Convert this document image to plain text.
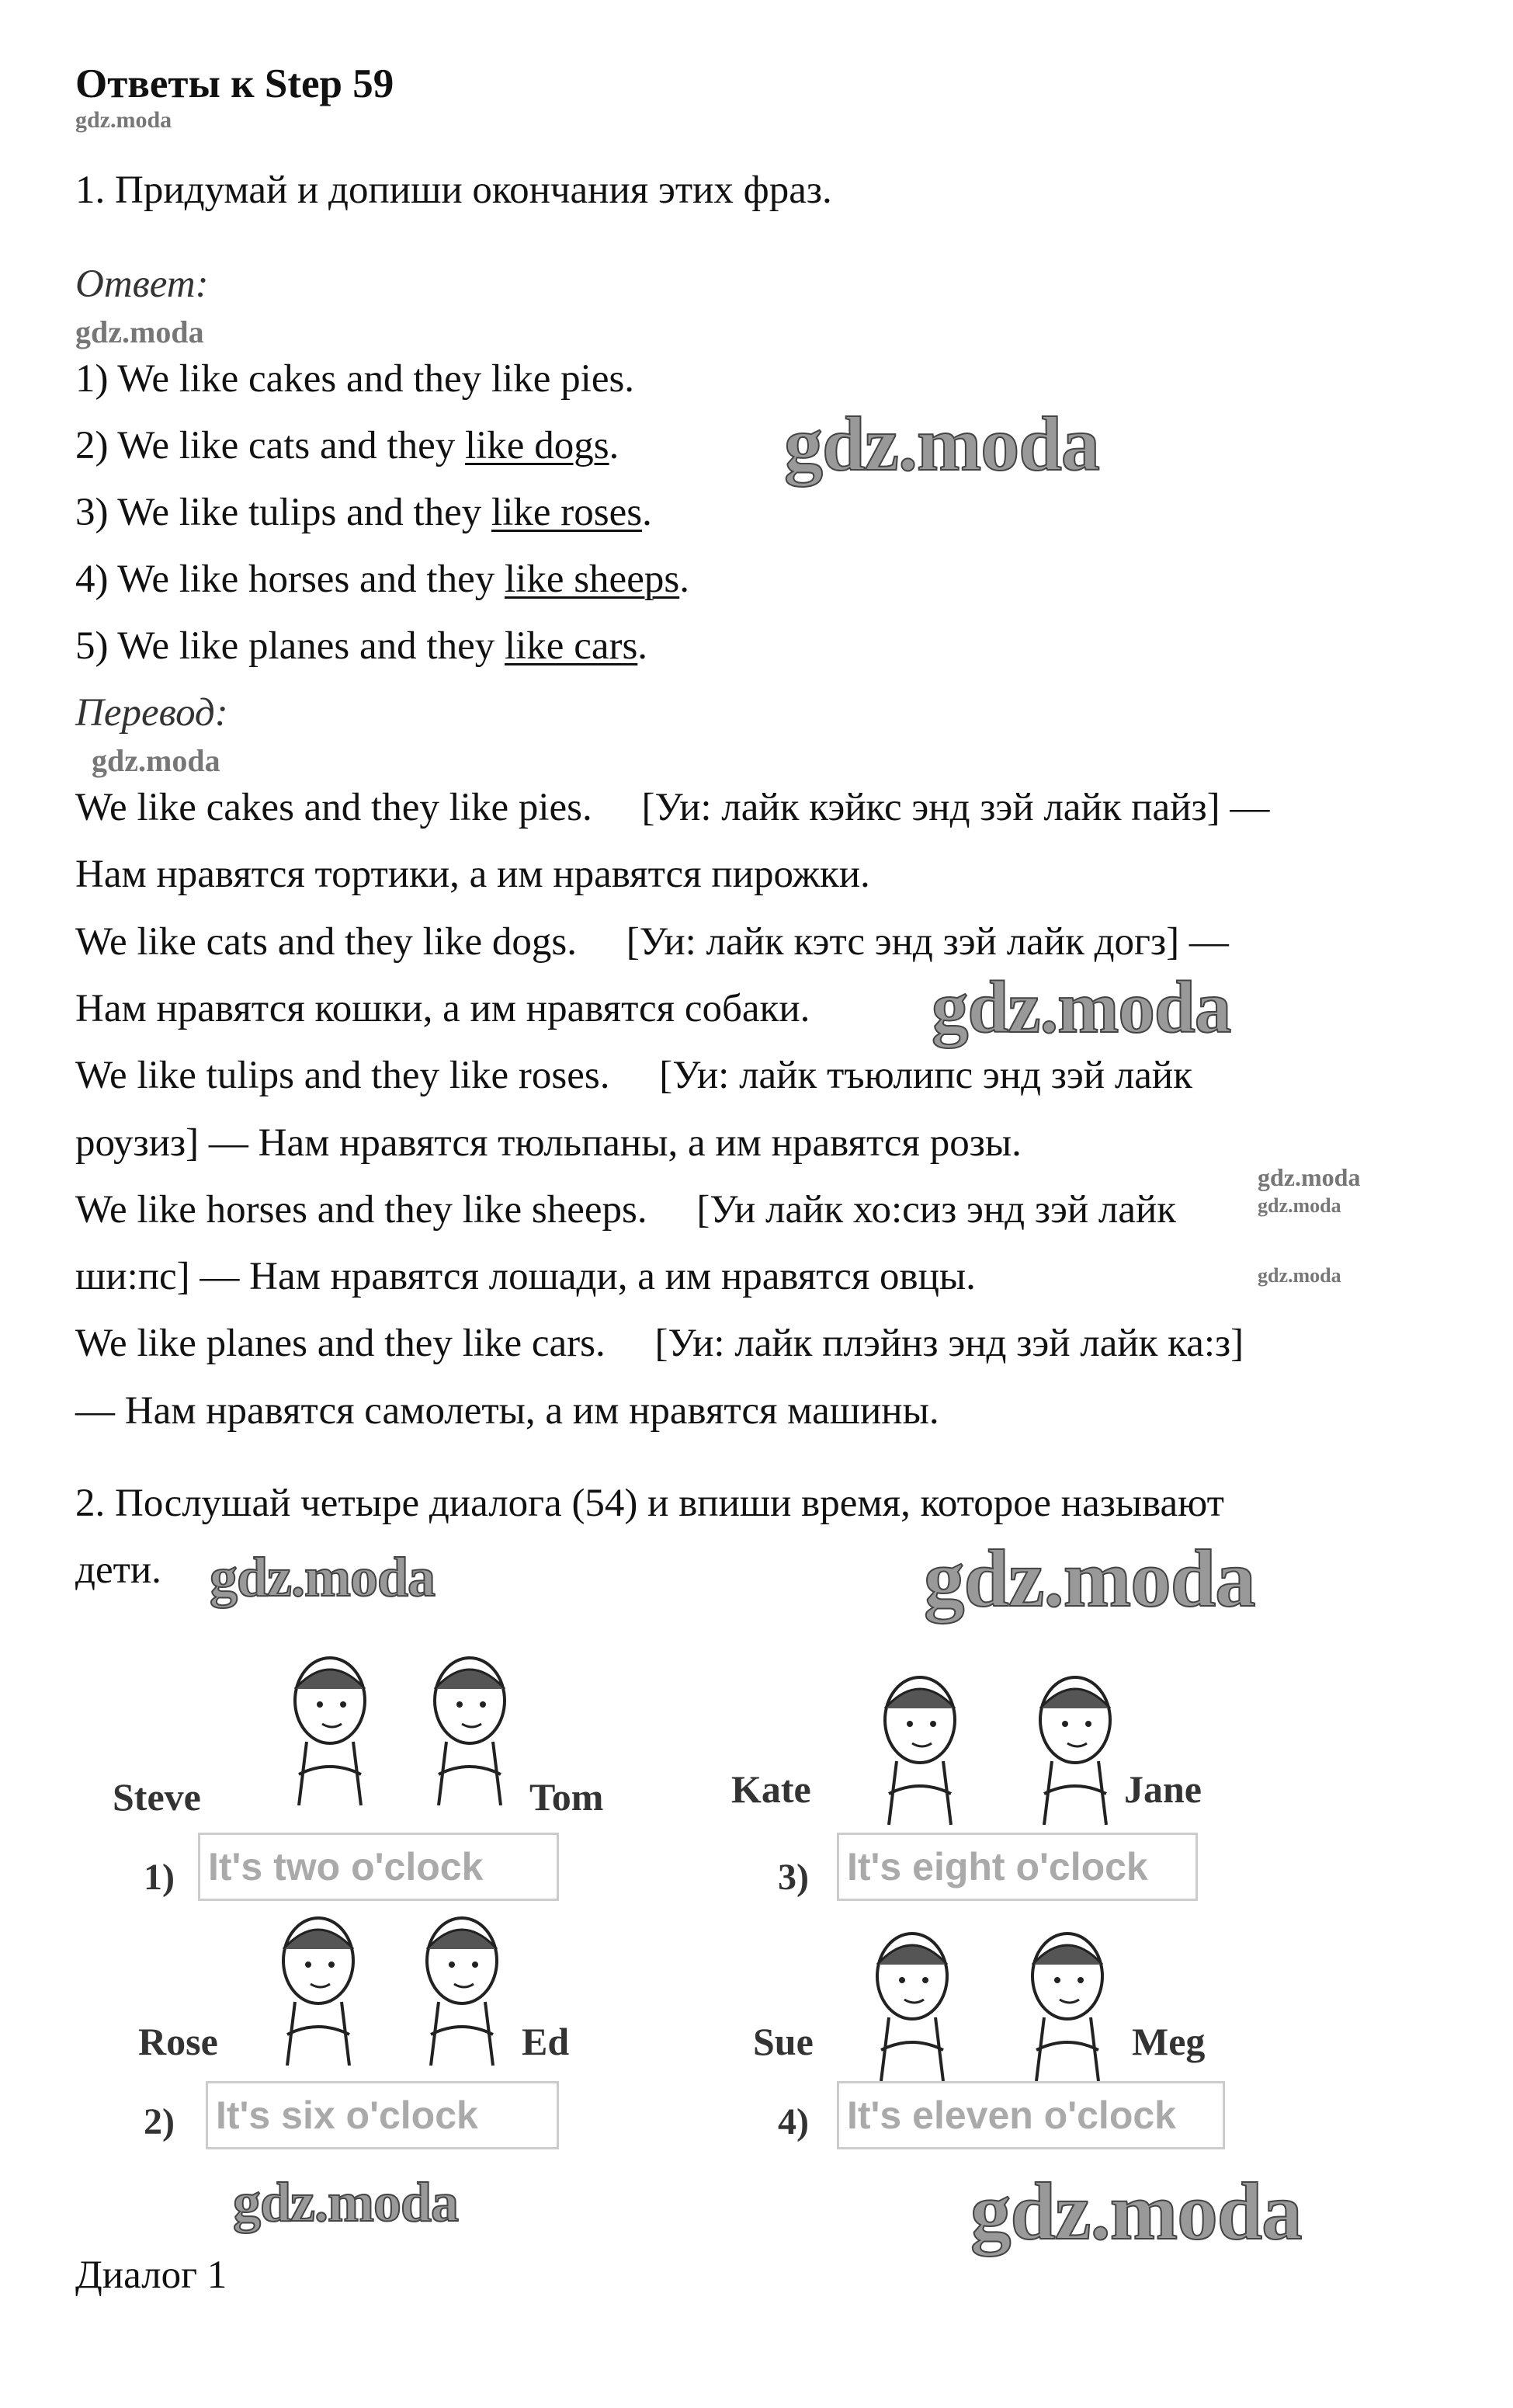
Ответы к Step 59
gdz.moda
1. Придумай и допиши окончания этих фраз.
Ответ:
gdz.moda
1) We like cakes and they like pies.
2) We like cats and they like dogs.
3) We like tulips and they like roses.
4) We like horses and they like sheeps.
5) We like planes and they like cars.
gdz.moda
Перевод:
gdz.moda
We like cakes and they like pies.     [Уи: лайк кэйкс энд зэй лайк пайз] —
Нам нравятся тортики, а им нравятся пирожки.
We like cats and they like dogs.     [Уи: лайк кэтс энд зэй лайк догз] —
Нам нравятся кошки, а им нравятся собаки.
We like tulips and they like roses.     [Уи: лайк тъюлипс энд зэй лайк
роузиз] — Нам нравятся тюльпаны, а им нравятся розы.
We like horses and they like sheeps.     [Уи лайк хо:сиз энд зэй лайк
ши:пс] — Нам нравятся лошади, а им нравятся овцы.
We like planes and they like cars.     [Уи: лайк плэйнз энд зэй лайк ка:з]
— Нам нравятся самолеты, а им нравятся машины.
gdz.moda
gdz.moda
gdz.moda
gdz.moda
2. Послушай четыре диалога (54) и впиши время, которое называют
дети. gdz.moda	gdz.moda
Steve	Tom
1) It's two o'clock
Rose	Ed
2) It's six o'clock
Kate	Jane
3) It's eight o'clock
Sue	Meg
4) It's eleven o'clock
gdz.moda	gdz.moda
Диалог 1
